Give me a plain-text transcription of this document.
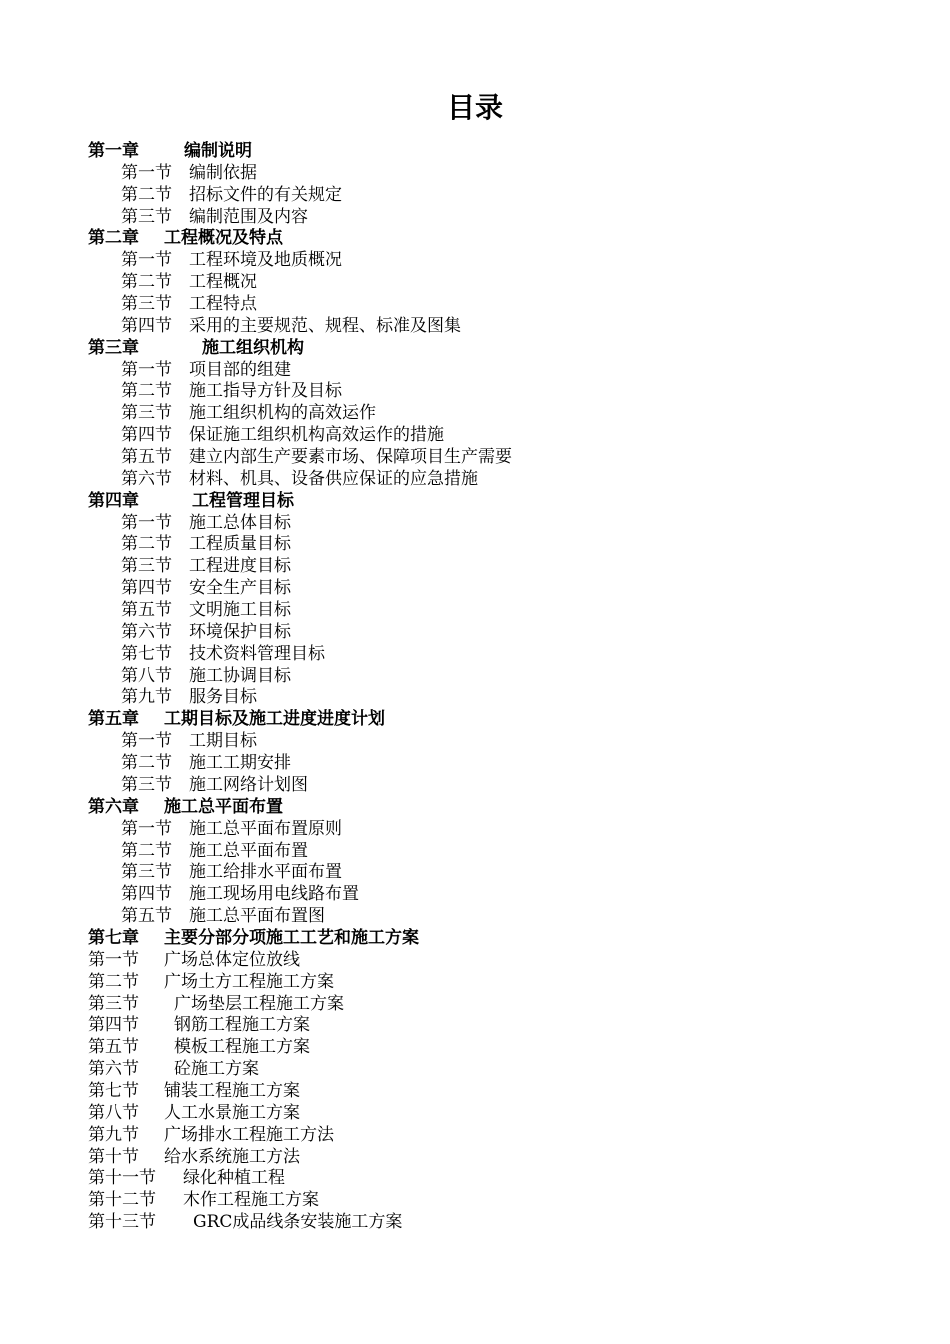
目录
第一章	编制说明
第一节	编制依据
第二节	招标文件的有关规定
第三节	编制范围及内容
第二章	工程概况及特点
第一节	工程环境及地质概况
第二节	工程概况
第三节	工程特点
第四节	采用的主要规范、规程、标准及图集
第三章	施工组织机构
第一节	项目部的组建
第二节	施工指导方针及目标
第三节	施工组织机构的高效运作
第四节	保证施工组织机构高效运作的措施
第五节	建立内部生产要素市场、保障项目生产需要
第六节	材料、机具、设备供应保证的应急措施
第四章	工程管理目标
第一节	施工总体目标
第二节	工程质量目标
第三节	工程进度目标
第四节	安全生产目标
第五节	文明施工目标
第六节	环境保护目标
第七节	技术资料管理目标
第八节	施工协调目标
第九节	服务目标
第五章	工期目标及施工进度进度计划
第一节	工期目标
第二节	施工工期安排
第三节	施工网络计划图
第六章	施工总平面布置
第一节	施工总平面布置原则
第二节	施工总平面布置
第三节	施工给排水平面布置
第四节	施工现场用电线路布置
第五节	施工总平面布置图
第七章	主要分部分项施工工艺和施工方案
第一节	广场总体定位放线
第二节	广场土方工程施工方案
第三节	广场垫层工程施工方案
第四节	钢筋工程施工方案
第五节	模板工程施工方案
第六节	砼施工方案
第七节	铺装工程施工方案
第八节	人工水景施工方案
第九节	广场排水工程施工方法
第十节	给水系统施工方法
第十一节	绿化种植工程
第十二节	木作工程施工方案
第十三节	GRC成品线条安装施工方案
